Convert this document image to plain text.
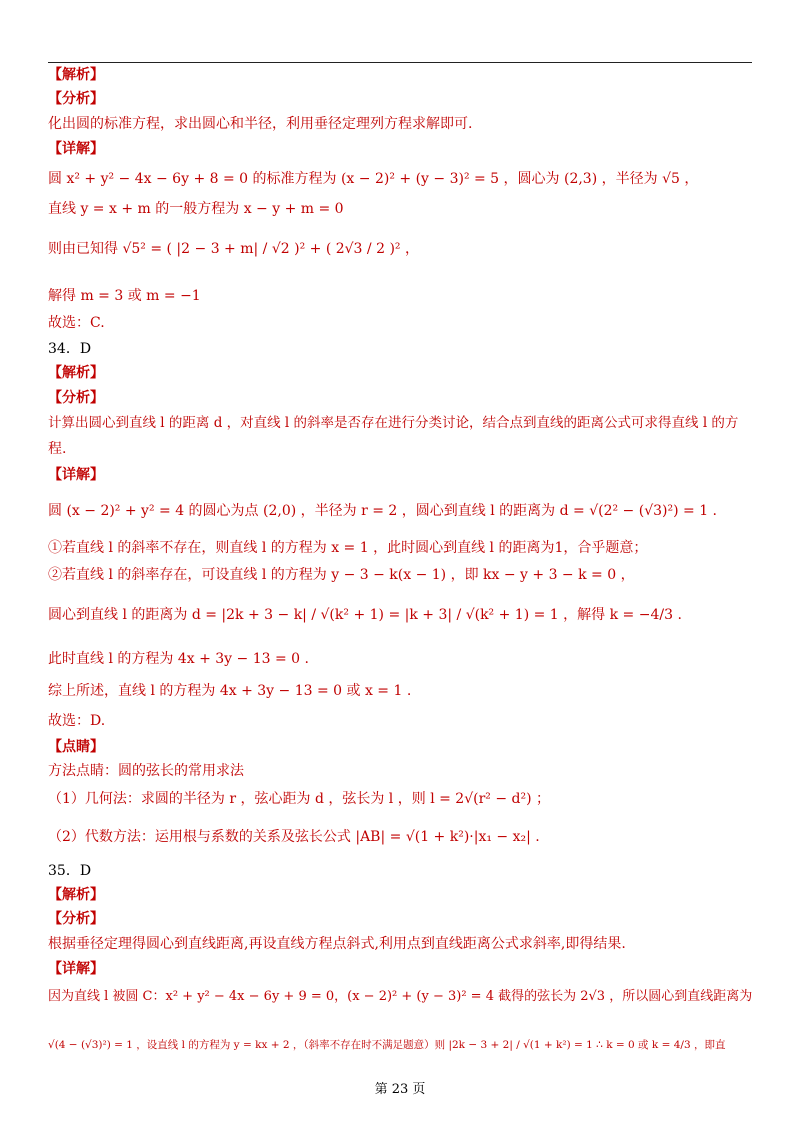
【解析】
【分析】
化出圆的标准方程，求出圆心和半径，利用垂径定理列方程求解即可.
【详解】
圆 x² + y² − 4x − 6y + 8 = 0 的标准方程为 (x − 2)² + (y − 3)² = 5 ，圆心为 (2,3) ，半径为 √5 ，
直线 y = x + m 的一般方程为 x − y + m = 0
则由已知得 √5² = ( |2 − 3 + m| / √2 )² + ( 2√3 / 2 )² ，
解得 m = 3 或 m = −1
故选：C.
34．D
【解析】
【分析】
计算出圆心到直线 l 的距离 d ，对直线 l 的斜率是否存在进行分类讨论，结合点到直线的距离公式可求得直线 l 的方
程.
【详解】
圆 (x − 2)² + y² = 4 的圆心为点 (2,0) ，半径为 r = 2 ，圆心到直线 l 的距离为 d = √(2² − (√3)²) = 1 .
①若直线 l 的斜率不存在，则直线 l 的方程为 x = 1 ，此时圆心到直线 l 的距离为1，合乎题意；
②若直线 l 的斜率存在，可设直线 l 的方程为 y − 3 − k(x − 1) ，即 kx − y + 3 − k = 0 ，
圆心到直线 l 的距离为 d = |2k + 3 − k| / √(k² + 1) = |k + 3| / √(k² + 1) = 1 ，解得 k = −4/3 .
此时直线 l 的方程为 4x + 3y − 13 = 0 .
综上所述，直线 l 的方程为 4x + 3y − 13 = 0 或 x = 1 .
故选：D.
【点睛】
方法点睛：圆的弦长的常用求法
（1）几何法：求圆的半径为 r ，弦心距为 d ，弦长为 l ，则 l = 2√(r² − d²) ；
（2）代数方法：运用根与系数的关系及弦长公式 |AB| = √(1 + k²)·|x₁ − x₂| .
35．D
【解析】
【分析】
根据垂径定理得圆心到直线距离,再设直线方程点斜式,利用点到直线距离公式求斜率,即得结果.
【详解】
因为直线 l 被圆 C：x² + y² − 4x − 6y + 9 = 0，(x − 2)² + (y − 3)² = 4 截得的弦长为 2√3 ，所以圆心到直线距离为
√(4 − (√3)²) = 1 ，设直线 l 的方程为 y = kx + 2 ，（斜率不存在时不满足题意）则 |2k − 3 + 2| / √(1 + k²) = 1 ∴ k = 0 或 k = 4/3 ，即直
第 23 页
